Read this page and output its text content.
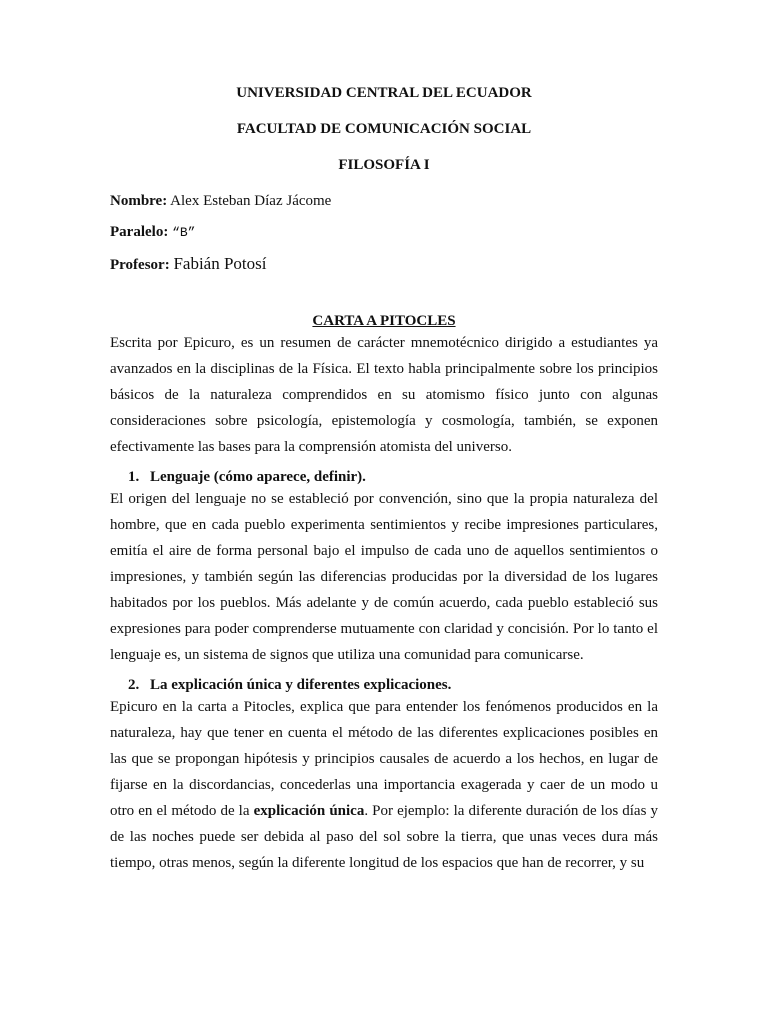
UNIVERSIDAD CENTRAL DEL ECUADOR

FACULTAD DE COMUNICACIÓN SOCIAL

FILOSOFÍA I

Nombre: Alex Esteban Díaz Jácome

Paralelo: “B”

Profesor: Fabián Potosí

CARTA A PITOCLES

Escrita por Epicuro, es un resumen de carácter mnemotécnico dirigido a estudiantes ya avanzados en la disciplinas de la Física. El texto habla principalmente sobre los principios básicos de la naturaleza comprendidos en su atomismo físico junto con algunas consideraciones sobre psicología, epistemología y cosmología, también, se exponen efectivamente las bases para la comprensión atomista del universo.

1. Lenguaje (cómo aparece, definir).

El origen del lenguaje no se estableció por convención, sino que la propia naturaleza del hombre, que en cada pueblo experimenta sentimientos y recibe impresiones particulares, emitía el aire de forma personal bajo el impulso de cada uno de aquellos sentimientos o impresiones, y también según las diferencias producidas por la diversidad de los lugares habitados por los pueblos. Más adelante y de común acuerdo, cada pueblo estableció sus expresiones para poder comprenderse mutuamente con claridad y concisión. Por lo tanto el lenguaje es, un sistema de signos que utiliza una comunidad para comunicarse.

2. La explicación única y diferentes explicaciones.

Epicuro en la carta a Pitocles, explica que para entender los fenómenos producidos en la naturaleza, hay que tener en cuenta el método de las diferentes explicaciones posibles en las que se propongan hipótesis y principios causales de acuerdo a los hechos, en lugar de fijarse en la discordancias, concederlas una importancia exagerada y caer de un modo u otro en el método de la explicación única. Por ejemplo: la diferente duración de los días y de las noches puede ser debida al paso del sol sobre la tierra, que unas veces dura más tiempo, otras menos, según la diferente longitud de los espacios que han de recorrer, y su
